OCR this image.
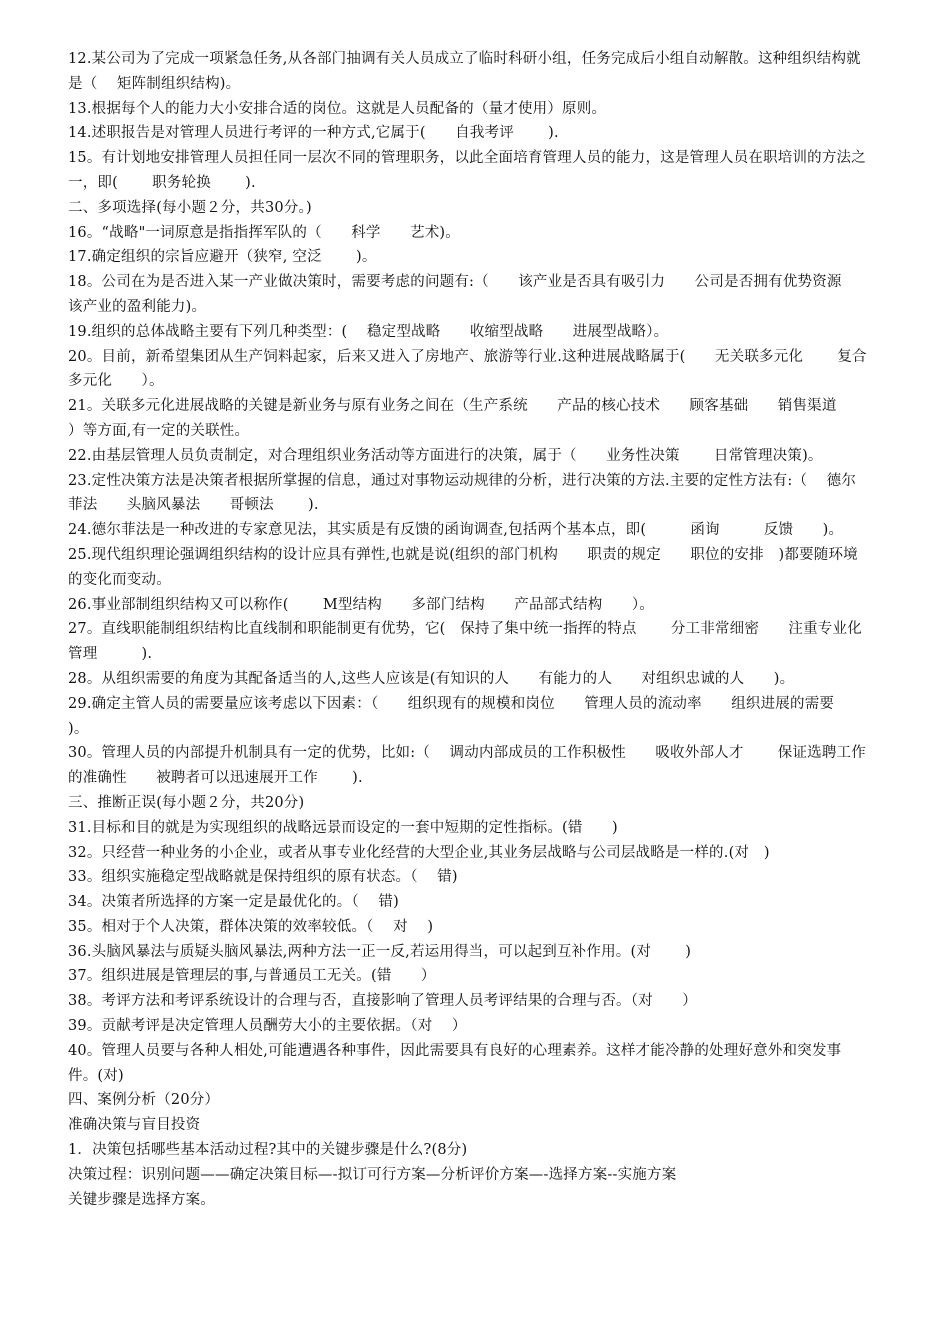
12.某公司为了完成一项紧急任务,从各部门抽调有关人员成立了临时科研小组，任务完成后小组自动解散。这种组织结构就是（　 矩阵制组织结构)。
13.根据每个人的能力大小安排合适的岗位。这就是人员配备的（量才使用）原则。
14.述职报告是对管理人员进行考评的一种方式,它属于(　　自我考评　　 ).
15。有计划地安排管理人员担任同一层次不同的管理职务，以此全面培育管理人员的能力，这是管理人员在职培训的方法之一，即(　　 职务轮换　　 ).
二、多项选择(每小题２分，共30分。)
16。“战略"一词原意是指指挥军队的（　　科学　　艺术)。
17.确定组织的宗旨应避开（狭窄, 空泛　　 )。
18。公司在为是否进入某一产业做决策时，需要考虑的问题有:（　　该产业是否具有吸引力　　公司是否拥有优势资源　　该产业的盈利能力)。
19.组织的总体战略主要有下列几种类型：(　 稳定型战略　　收缩型战略　　进展型战略）。
20。目前，新希望集团从生产饲料起家，后来又进入了房地产、旅游等行业.这种进展战略属于(　　无关联多元化　　 复合多元化　　）。
21。关联多元化进展战略的关键是新业务与原有业务之间在（生产系统　　产品的核心技术　　顾客基础　　销售渠道　　）等方面,有一定的关联性。
22.由基层管理人员负责制定，对合理组织业务活动等方面进行的决策，属于（　　业务性决策　　 日常管理决策)。
23.定性决策方法是决策者根据所掌握的信息，通过对事物运动规律的分析，进行决策的方法.主要的定性方法有:（　 德尔菲法　　头脑风暴法　　哥顿法　　 ).
24.德尔菲法是一种改进的专家意见法，其实质是有反馈的函询调查,包括两个基本点，即(　　　函询　　　反馈　　)。
25.现代组织理论强调组织结构的设计应具有弹性,也就是说(组织的部门机构　　职责的规定　　职位的安排　)都要随环境的变化而变动。
26.事业部制组织结构又可以称作(　　 M型结构　　多部门结构　　产品部式结构　　）。
27。直线职能制组织结构比直线制和职能制更有优势，它(　保持了集中统一指挥的特点　　 分工非常细密　　注重专业化管理　　　).
28。从组织需要的角度为其配备适当的人,这些人应该是(有知识的人　　有能力的人　　对组织忠诚的人　　)。
29.确定主管人员的需要量应该考虑以下因素：（　　组织现有的规模和岗位　　管理人员的流动率　　组织进展的需要　　　)。
30。管理人员的内部提升机制具有一定的优势，比如:（　 调动内部成员的工作积极性　　吸收外部人才　　 保证选聘工作的准确性　　被聘者可以迅速展开工作　　 ).
三、推断正误(每小题２分，共20分)
31.目标和目的就是为实现组织的战略远景而设定的一套中短期的定性指标。(错　　)
32。只经营一种业务的小企业，或者从事专业化经营的大型企业,其业务层战略与公司层战略是一样的.(对　)
33。组织实施稳定型战略就是保持组织的原有状态。（　 错)
34。决策者所选择的方案一定是最优化的。（　 错)
35。相对于个人决策，群体决策的效率较低。（　 对　 )
36.头脑风暴法与质疑头脑风暴法,两种方法一正一反,若运用得当，可以起到互补作用。(对　　 )
37。组织进展是管理层的事,与普通员工无关。(错　　）
38。考评方法和考评系统设计的合理与否，直接影响了管理人员考评结果的合理与否。（对　　）
39。贡献考评是决定管理人员酬劳大小的主要依据。（对　 ）
40。管理人员要与各种人相处,可能遭遇各种事件，因此需要具有良好的心理素养。这样才能冷静的处理好意外和突发事件。(对)
四、案例分析（20分）
准确决策与盲目投资
1．决策包括哪些基本活动过程?其中的关键步骤是什么?(8分)
决策过程：识别问题——确定决策目标—-拟订可行方案—分析评价方案—-选择方案--实施方案
关键步骤是选择方案。
